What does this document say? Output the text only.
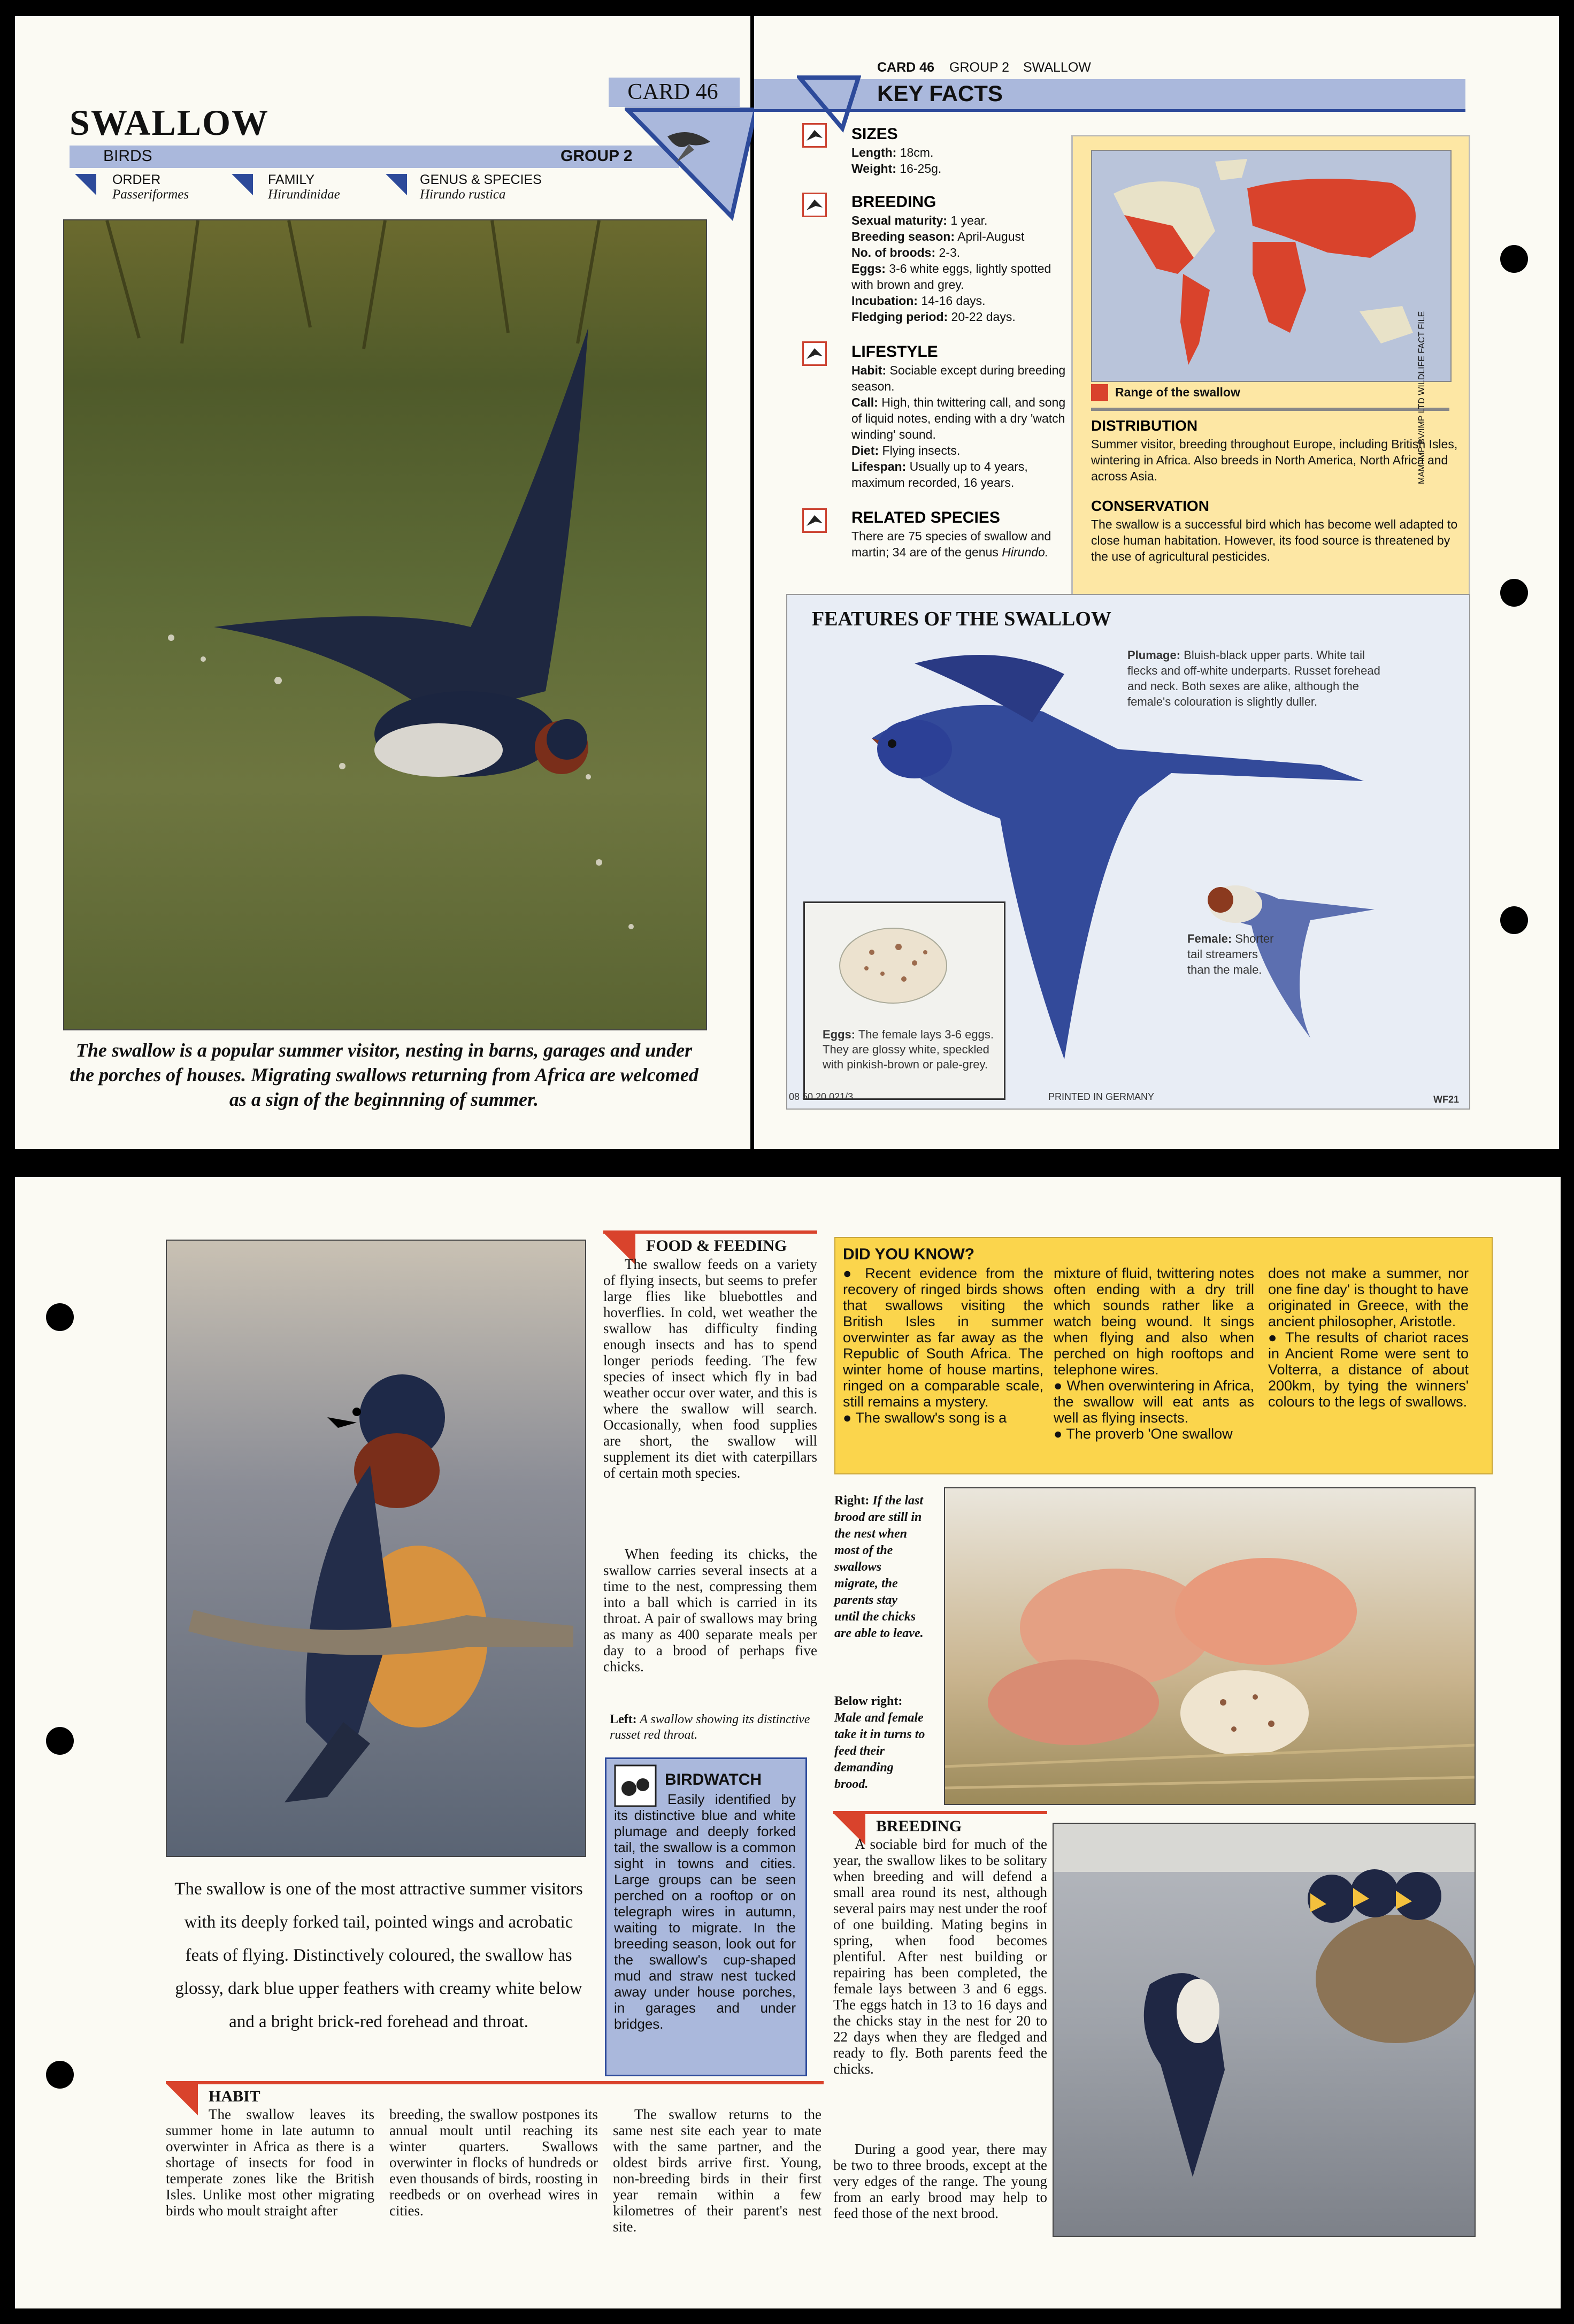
SWALLOW
CARD 46
BIRDS	GROUP 2
ORDER
Passeriformes
FAMILY
Hirundinidae
GENUS & SPECIES
Hirundo rustica
The swallow is a popular summer visitor, nesting in barns, garages and under the porches of houses. Migrating swallows returning from Africa are welcomed as a sign of the beginnning of summer.
CARD 46 GROUP 2 SWALLOW
KEY FACTS
SIZES
Length: 18cm.
Weight: 16-25g.
BREEDING
Sexual maturity: 1 year.
Breeding season: April-August
No. of broods: 2-3.
Eggs: 3-6 white eggs, lightly spotted with brown and grey.
Incubation: 14-16 days.
Fledging period: 20-22 days.
LIFESTYLE
Habit: Sociable except during breeding season.
Call: High, thin twittering call, and song of liquid notes, ending with a dry 'watch winding' sound.
Diet: Flying insects.
Lifespan: Usually up to 4 years, maximum recorded, 16 years.
RELATED SPECIES
There are 75 species of swallow and martin; 34 are of the genus Hirundo.
Range of the swallow
DISTRIBUTION
Summer visitor, breeding throughout Europe, including British Isles, wintering in Africa. Also breeds in North America, North Africa and across Asia.
CONSERVATION
The swallow is a successful bird which has become well adapted to close human habitation. However, its food source is threatened by the use of agricultural pesticides.
MAM IMP BV/IMP LTD WILDLIFE FACT FILE
FEATURES OF THE SWALLOW
Plumage: Bluish-black upper parts. White tail flecks and off-white underparts. Russet forehead and neck. Both sexes are alike, although the female's colouration is slightly duller.
Female: Shorter tail streamers than the male.
Eggs: The female lays 3-6 eggs. They are glossy white, speckled with pinkish-brown or pale-grey.
08 50 20 021/3	PRINTED IN GERMANY	WF21
The swallow is one of the most attractive summer visitors with its deeply forked tail, pointed wings and acrobatic feats of flying. Distinctively coloured, the swallow has glossy, dark blue upper feathers with creamy white below and a bright brick-red forehead and throat.
FOOD & FEEDING
The swallow feeds on a variety of flying insects, but seems to prefer large flies like bluebottles and hoverflies. In cold, wet weather the swallow has difficulty finding enough insects and has to spend longer periods feeding. The few species of insect which fly in bad weather occur over water, and this is where the swallow will search. Occasionally, when food supplies are short, the swallow will supplement its diet with caterpillars of certain moth species.
When feeding its chicks, the swallow carries several insects at a time to the nest, compressing them into a ball which is carried in its throat. A pair of swallows may bring as many as 400 separate meals per day to a brood of perhaps five chicks.
Left: A swallow showing its distinctive russet red throat.
BIRDWATCH
Easily identified by its distinctive blue and white plumage and deeply forked tail, the swallow is a common sight in towns and cities. Large groups can be seen perched on a rooftop or on telegraph wires in autumn, waiting to migrate. In the breeding season, look out for the swallow's cup-shaped mud and straw nest tucked away under house porches, in garages and under bridges.
DID YOU KNOW?
● Recent evidence from the recovery of ringed birds shows that swallows visiting the British Isles in summer overwinter as far away as the Republic of South Africa. The winter home of house martins, ringed on a comparable scale, still remains a mystery.
● The swallow's song is a
mixture of fluid, twittering notes often ending with a dry trill which sounds rather like a watch being wound. It sings when flying and also when perched on high rooftops and telephone wires.
● When overwintering in Africa, the swallow will eat ants as well as flying insects.
● The proverb 'One swallow
does not make a summer, nor one fine day' is thought to have originated in Greece, with the ancient philosopher, Aristotle.
● The results of chariot races in Ancient Rome were sent to Volterra, a distance of about 200km, by tying the winners' colours to the legs of swallows.
Right: If the last brood are still in the nest when most of the swallows migrate, the parents stay until the chicks are able to leave.
Below right: Male and female take it in turns to feed their demanding brood.
BREEDING
A sociable bird for much of the year, the swallow likes to be solitary when breeding and will defend a small area round its nest, although several pairs may nest under the roof of one building. Mating begins in spring, when food becomes plentiful. After nest building or repairing has been completed, the female lays between 3 and 6 eggs. The eggs hatch in 13 to 16 days and the chicks stay in the nest for 20 to 22 days when they are fledged and ready to fly. Both parents feed the chicks.
During a good year, there may be two to three broods, except at the very edges of the range. The young from an early brood may help to feed those of the next brood.
HABIT
The swallow leaves its summer home in late autumn to overwinter in Africa as there is a shortage of insects for food in temperate zones like the British Isles. Unlike most other migrating birds who moult straight after
breeding, the swallow postpones its annual moult until reaching its winter quarters. Swallows overwinter in flocks of hundreds or even thousands of birds, roosting in reedbeds or on overhead wires in cities.
The swallow returns to the same nest site each year to mate with the same partner, and the oldest birds arrive first. Young, non-breeding birds in their first year remain within a few kilometres of their parent's nest site.
